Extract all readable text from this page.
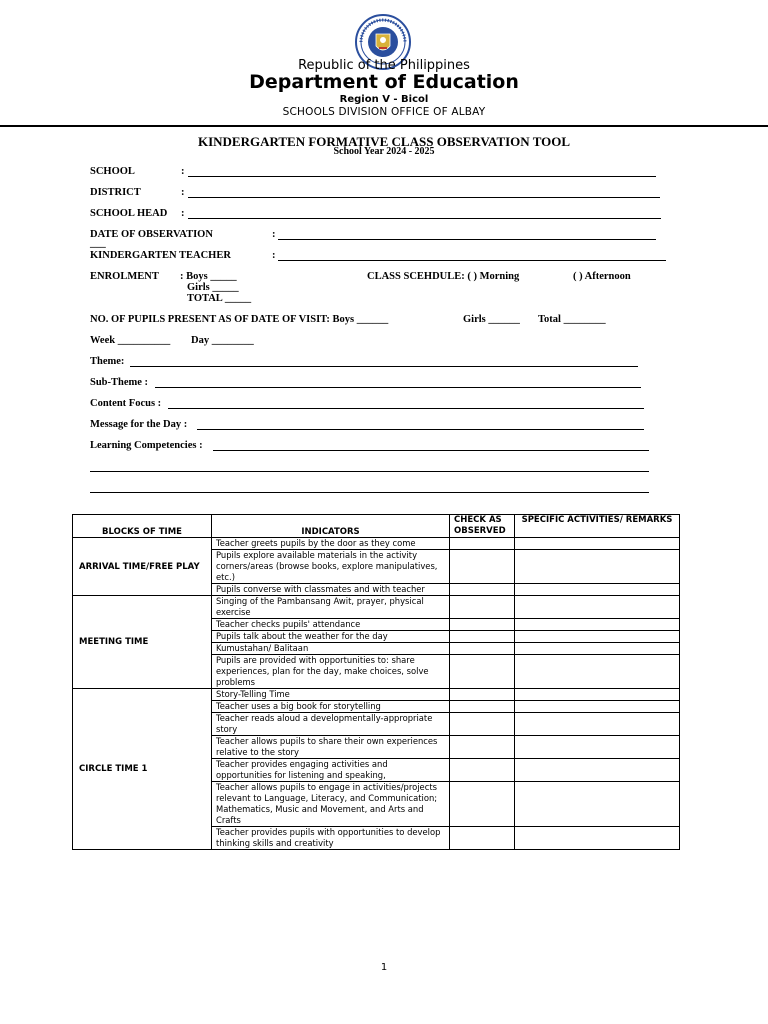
Republic of the Philippines
Department of Education
Region V - Bicol
SCHOOLS DIVISION OFFICE OF ALBAY
KINDERGARTEN FORMATIVE CLASS OBSERVATION TOOL
School Year 2024 - 2025
SCHOOL	:
DISTRICT	:
SCHOOL HEAD :
DATE OF OBSERVATION	:
___
KINDERGARTEN TEACHER	:
ENROLMENT : Boys _____
Girls _____
TOTAL _____
CLASS SCEHDULE: ( ) Morning	( ) Afternoon
NO. OF PUPILS PRESENT AS OF DATE OF VISIT: Boys ______	Girls ______ Total ________
Week __________ Day ________
Theme:
Sub-Theme :
Content Focus :
Message for the Day :
Learning Competencies :
BLOCKS OF TIME	INDICATORS	CHECK AS OBSERVED	SPECIFIC ACTIVITIES/ REMARKS
ARRIVAL TIME/FREE PLAY	Teacher greets pupils by the door as they come		
	Pupils explore available materials in the activity corners/areas (browse books, explore manipulatives, etc.)		
	Pupils converse with classmates and with teacher		
MEETING TIME	Singing of the Pambansang Awit, prayer, physical exercise		
	Teacher checks pupils' attendance		
	Pupils talk about the weather for the day		
	Kumustahan/ Balitaan		
	Pupils are provided with opportunities to: share experiences, plan for the day, make choices, solve problems		
CIRCLE TIME 1	Story-Telling Time		
	Teacher uses a big book for storytelling		
	Teacher reads aloud a developmentally-appropriate story		
	Teacher allows pupils to share their own experiences relative to the story		
	Teacher provides engaging activities and opportunities for listening and speaking,		
	Teacher allows pupils to engage in activities/projects relevant to Language, Literacy, and Communication; Mathematics, Music and Movement, and Arts and Crafts		
	Teacher provides pupils with opportunities to develop thinking skills and creativity		
1
